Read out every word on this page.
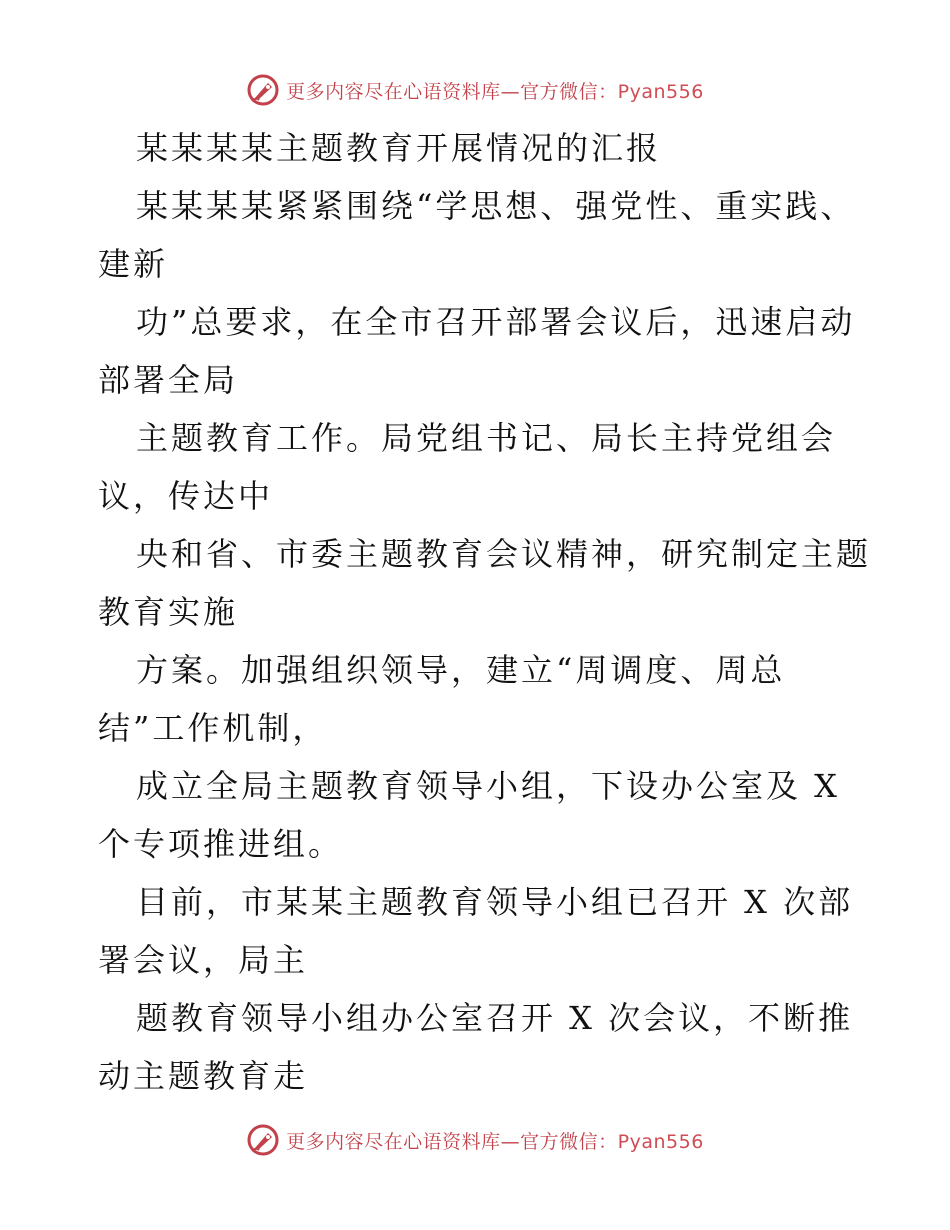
更多内容尽在心语资料库—官方微信：Pyan556
某某某某主题教育开展情况的汇报
某某某某紧紧围绕“学思想、强党性、重实践、
建新
功”总要求，在全市召开部署会议后，迅速启动
部署全局
主题教育工作。局党组书记、局长主持党组会
议，传达中
央和省、市委主题教育会议精神，研究制定主题
教育实施
方案。加强组织领导，建立“周调度、周总
结”工作机制，
成立全局主题教育领导小组，下设办公室及 X
个专项推进组。
目前，市某某主题教育领导小组已召开 X 次部
署会议，局主
题教育领导小组办公室召开 X 次会议，不断推
动主题教育走
更多内容尽在心语资料库—官方微信：Pyan556
